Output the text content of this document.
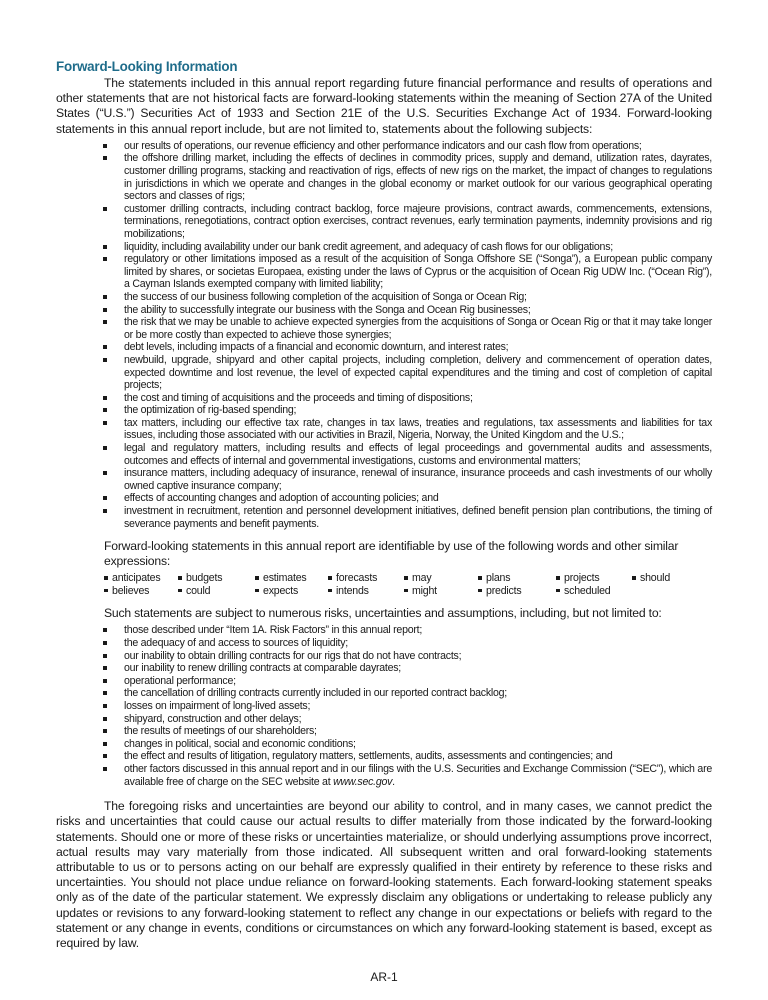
Forward-Looking Information

The statements included in this annual report regarding future financial performance and results of operations and other statements that are not historical facts are forward-looking statements within the meaning of Section 27A of the United States (“U.S.”) Securities Act of 1933 and Section 21E of the U.S. Securities Exchange Act of 1934. Forward-looking statements in this annual report include, but are not limited to, statements about the following subjects:

our results of operations, our revenue efficiency and other performance indicators and our cash flow from operations;
the offshore drilling market, including the effects of declines in commodity prices, supply and demand, utilization rates, dayrates, customer drilling programs, stacking and reactivation of rigs, effects of new rigs on the market, the impact of changes to regulations in jurisdictions in which we operate and changes in the global economy or market outlook for our various geographical operating sectors and classes of rigs;
customer drilling contracts, including contract backlog, force majeure provisions, contract awards, commencements, extensions, terminations, renegotiations, contract option exercises, contract revenues, early termination payments, indemnity provisions and rig mobilizations;
liquidity, including availability under our bank credit agreement, and adequacy of cash flows for our obligations;
regulatory or other limitations imposed as a result of the acquisition of Songa Offshore SE (“Songa”), a European public company limited by shares, or societas Europaea, existing under the laws of Cyprus or the acquisition of Ocean Rig UDW Inc. (“Ocean Rig”), a Cayman Islands exempted company with limited liability;
the success of our business following completion of the acquisition of Songa or Ocean Rig;
the ability to successfully integrate our business with the Songa and Ocean Rig businesses;
the risk that we may be unable to achieve expected synergies from the acquisitions of Songa or Ocean Rig or that it may take longer or be more costly than expected to achieve those synergies;
debt levels, including impacts of a financial and economic downturn, and interest rates;
newbuild, upgrade, shipyard and other capital projects, including completion, delivery and commencement of operation dates, expected downtime and lost revenue, the level of expected capital expenditures and the timing and cost of completion of capital projects;
the cost and timing of acquisitions and the proceeds and timing of dispositions;
the optimization of rig-based spending;
tax matters, including our effective tax rate, changes in tax laws, treaties and regulations, tax assessments and liabilities for tax issues, including those associated with our activities in Brazil, Nigeria, Norway, the United Kingdom and the U.S.;
legal and regulatory matters, including results and effects of legal proceedings and governmental audits and assessments, outcomes and effects of internal and governmental investigations, customs and environmental matters;
insurance matters, including adequacy of insurance, renewal of insurance, insurance proceeds and cash investments of our wholly owned captive insurance company;
effects of accounting changes and adoption of accounting policies; and
investment in recruitment, retention and personnel development initiatives, defined benefit pension plan contributions, the timing of severance payments and benefit payments.
Forward-looking statements in this annual report are identifiable by use of the following words and other similar expressions:
anticipates	budgets	estimates	forecasts	may	plans	projects	should
believes	could	expects	intends	might	predicts	scheduled
Such statements are subject to numerous risks, uncertainties and assumptions, including, but not limited to:
those described under “Item 1A. Risk Factors” in this annual report;
the adequacy of and access to sources of liquidity;
our inability to obtain drilling contracts for our rigs that do not have contracts;
our inability to renew drilling contracts at comparable dayrates;
operational performance;
the cancellation of drilling contracts currently included in our reported contract backlog;
losses on impairment of long-lived assets;
shipyard, construction and other delays;
the results of meetings of our shareholders;
changes in political, social and economic conditions;
the effect and results of litigation, regulatory matters, settlements, audits, assessments and contingencies; and
other factors discussed in this annual report and in our filings with the U.S. Securities and Exchange Commission (“SEC”), which are available free of charge on the SEC website at www.sec.gov.

The foregoing risks and uncertainties are beyond our ability to control, and in many cases, we cannot predict the risks and uncertainties that could cause our actual results to differ materially from those indicated by the forward-looking statements. Should one or more of these risks or uncertainties materialize, or should underlying assumptions prove incorrect, actual results may vary materially from those indicated. All subsequent written and oral forward-looking statements attributable to us or to persons acting on our behalf are expressly qualified in their entirety by reference to these risks and uncertainties. You should not place undue reliance on forward-looking statements. Each forward-looking statement speaks only as of the date of the particular statement. We expressly disclaim any obligations or undertaking to release publicly any updates or revisions to any forward-looking statement to reflect any change in our expectations or beliefs with regard to the statement or any change in events, conditions or circumstances on which any forward-looking statement is based, except as required by law.

AR-1
